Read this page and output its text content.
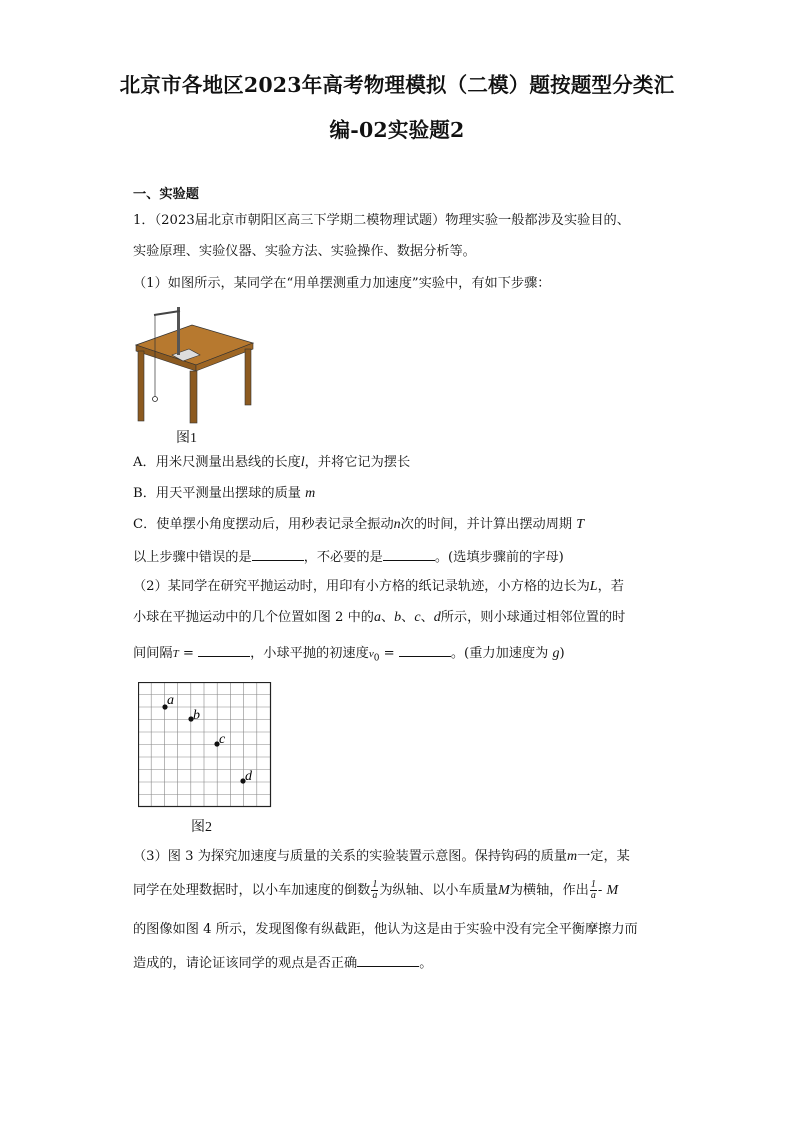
北京市各地区2023年高考物理模拟（二模）题按题型分类汇
编-02实验题2
一、实验题
1．（2023届北京市朝阳区高三下学期二模物理试题）物理实验一般都涉及实验目的、
实验原理、实验仪器、实验方法、实验操作、数据分析等。
（1）如图所示，某同学在“用单摆测重力加速度”实验中，有如下步骤：
图1
A．用米尺测量出悬线的长度l，并将它记为摆长
B．用天平测量出摆球的质量 m
C．使单摆小角度摆动后，用秒表记录全振动n次的时间，并计算出摆动周期 T
以上步骤中错误的是	，不必要的是	。(选填步骤前的字母)
（2）某同学在研究平抛运动时，用印有小方格的纸记录轨迹，小方格的边长为L，若
小球在平抛运动中的几个位置如图 2 中的a、b、c、d所示，则小球通过相邻位置的时
间间隔T =	，小球平抛的初速度$v_0$ =	。(重力加速度为 g)
a
b
c
d
图2
（3）图 3 为探究加速度与质量的关系的实验装置示意图。保持钩码的质量m一定，某
同学在处理数据时，以小车加速度的倒数 $\frac{1}{a}$ 为纵轴、以小车质量M为横轴，作出 $\frac{1}{a}$ - M
的图像如图 4 所示，发现图像有纵截距，他认为这是由于实验中没有完全平衡摩擦力而
造成的，请论证该同学的观点是否正确	。
